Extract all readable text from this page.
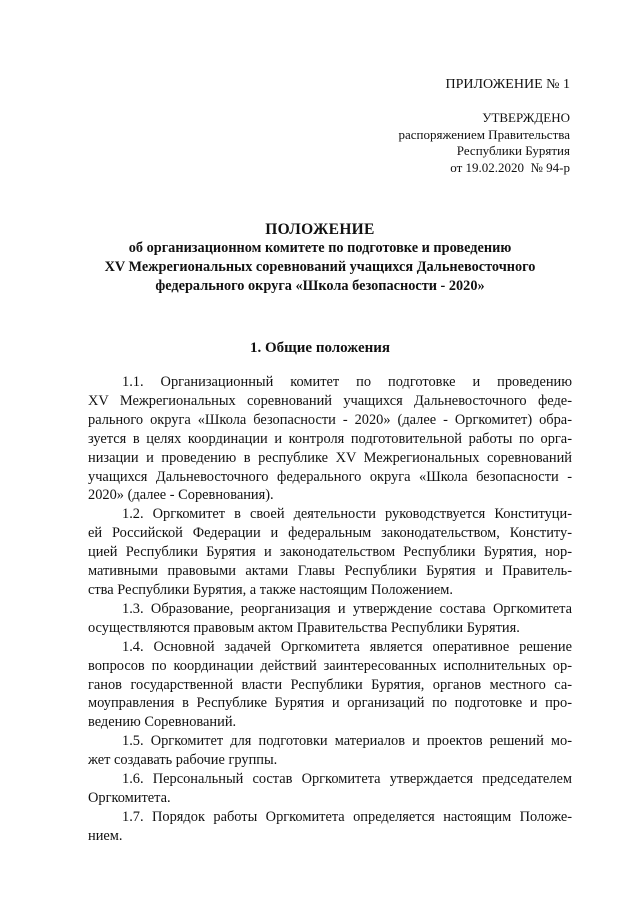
ПРИЛОЖЕНИЕ № 1
УТВЕРЖДЕНО
распоряжением Правительства
Республики Бурятия
от 19.02.2020  № 94-р
ПОЛОЖЕНИЕ
об организационном комитете по подготовке и проведению
XV Межрегиональных соревнований учащихся Дальневосточного
федерального округа «Школа безопасности - 2020»
1. Общие положения

1.1. Организационный комитет по подготовке и проведению
XV Межрегиональных соревнований учащихся Дальневосточного феде-
рального округа «Школа безопасности - 2020» (далее - Оргкомитет) обра-
зуется в целях координации и контроля подготовительной работы по орга-
низации и проведению в республике XV Межрегиональных соревнований
учащихся Дальневосточного федерального округа «Школа безопасности -
2020» (далее - Соревнования).

1.2. Оргкомитет в своей деятельности руководствуется Конституци-
ей Российской Федерации и федеральным законодательством, Конститу-
цией Республики Бурятия и законодательством Республики Бурятия, нор-
мативными правовыми актами Главы Республики Бурятия и Правитель-
ства Республики Бурятия, а также настоящим Положением.

1.3. Образование, реорганизация и утверждение состава Оргкомитета
осуществляются правовым актом Правительства Республики Бурятия.

1.4. Основной задачей Оргкомитета является оперативное решение
вопросов по координации действий заинтересованных исполнительных ор-
ганов государственной власти Республики Бурятия, органов местного са-
моуправления в Республике Бурятия и организаций по подготовке и про-
ведению Соревнований.

1.5. Оргкомитет для подготовки материалов и проектов решений мо-
жет создавать рабочие группы.

1.6. Персональный состав Оргкомитета утверждается председателем
Оргкомитета.

1.7. Порядок работы Оргкомитета определяется настоящим Положе-
нием.
